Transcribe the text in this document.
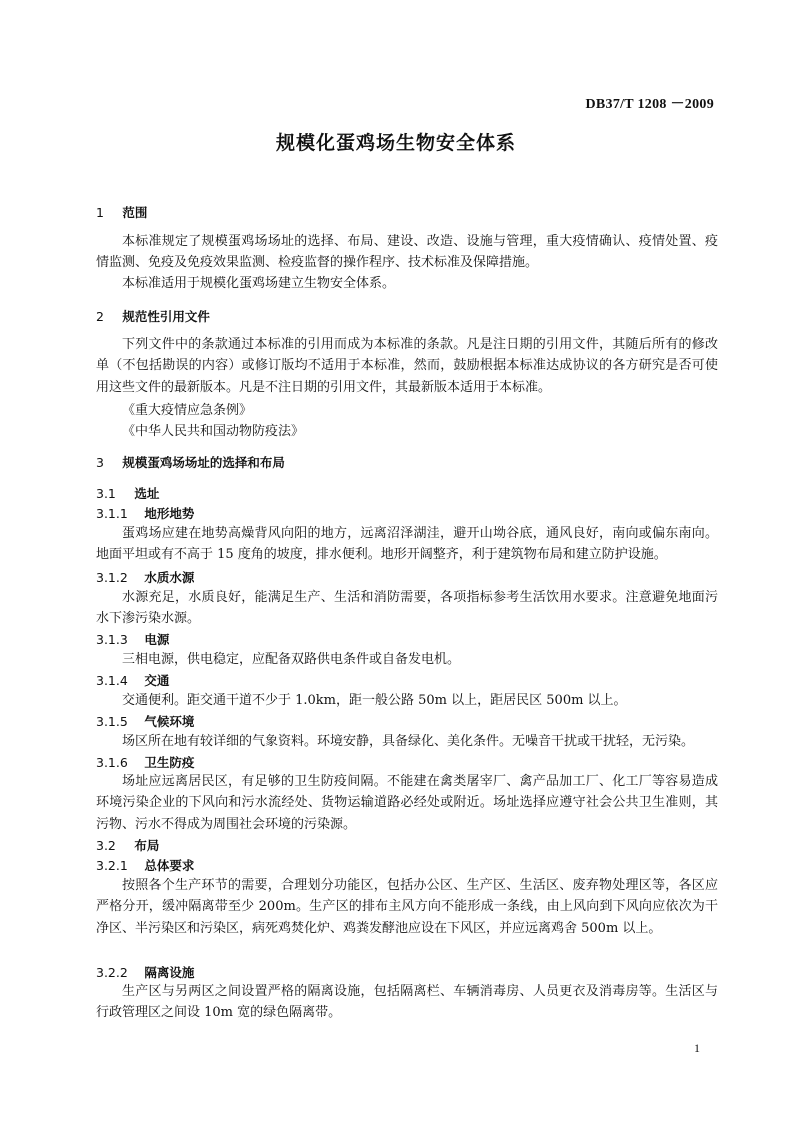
DB37/T 1208 －2009
规模化蛋鸡场生物安全体系
1 范围
本标准规定了规模蛋鸡场场址的选择、布局、建设、改造、设施与管理，重大疫情确认、疫情处置、疫情监测、免疫及免疫效果监测、检疫监督的操作程序、技术标准及保障措施。
本标准适用于规模化蛋鸡场建立生物安全体系。
2 规范性引用文件
下列文件中的条款通过本标准的引用而成为本标准的条款。凡是注日期的引用文件，其随后所有的修改单（不包括勘误的内容）或修订版均不适用于本标准，然而，鼓励根据本标准达成协议的各方研究是否可使用这些文件的最新版本。凡是不注日期的引用文件，其最新版本适用于本标准。
《重大疫情应急条例》
《中华人民共和国动物防疫法》
3 规模蛋鸡场场址的选择和布局
3.1 选址
3.1.1 地形地势
蛋鸡场应建在地势高燥背风向阳的地方，远离沼泽湖洼，避开山坳谷底，通风良好，南向或偏东南向。地面平坦或有不高于 15 度角的坡度，排水便利。地形开阔整齐，利于建筑物布局和建立防护设施。
3.1.2 水质水源
水源充足，水质良好，能满足生产、生活和消防需要，各项指标参考生活饮用水要求。注意避免地面污水下渗污染水源。
3.1.3 电源
三相电源，供电稳定，应配备双路供电条件或自备发电机。
3.1.4 交通
交通便利。距交通干道不少于 1.0km，距一般公路 50m 以上，距居民区 500m 以上。
3.1.5 气候环境
场区所在地有较详细的气象资料。环境安静，具备绿化、美化条件。无噪音干扰或干扰轻，无污染。
3.1.6 卫生防疫
场址应远离居民区，有足够的卫生防疫间隔。不能建在禽类屠宰厂、禽产品加工厂、化工厂等容易造成环境污染企业的下风向和污水流经处、货物运输道路必经处或附近。场址选择应遵守社会公共卫生准则，其污物、污水不得成为周围社会环境的污染源。
3.2 布局
3.2.1 总体要求
按照各个生产环节的需要，合理划分功能区，包括办公区、生产区、生活区、废弃物处理区等，各区应严格分开，缓冲隔离带至少 200m。生产区的排布主风方向不能形成一条线，由上风向到下风向应依次为干净区、半污染区和污染区，病死鸡焚化炉、鸡粪发酵池应设在下风区，并应远离鸡舍 500m 以上。
3.2.2 隔离设施
生产区与另两区之间设置严格的隔离设施，包括隔离栏、车辆消毒房、人员更衣及消毒房等。生活区与行政管理区之间设 10m 宽的绿色隔离带。
1
